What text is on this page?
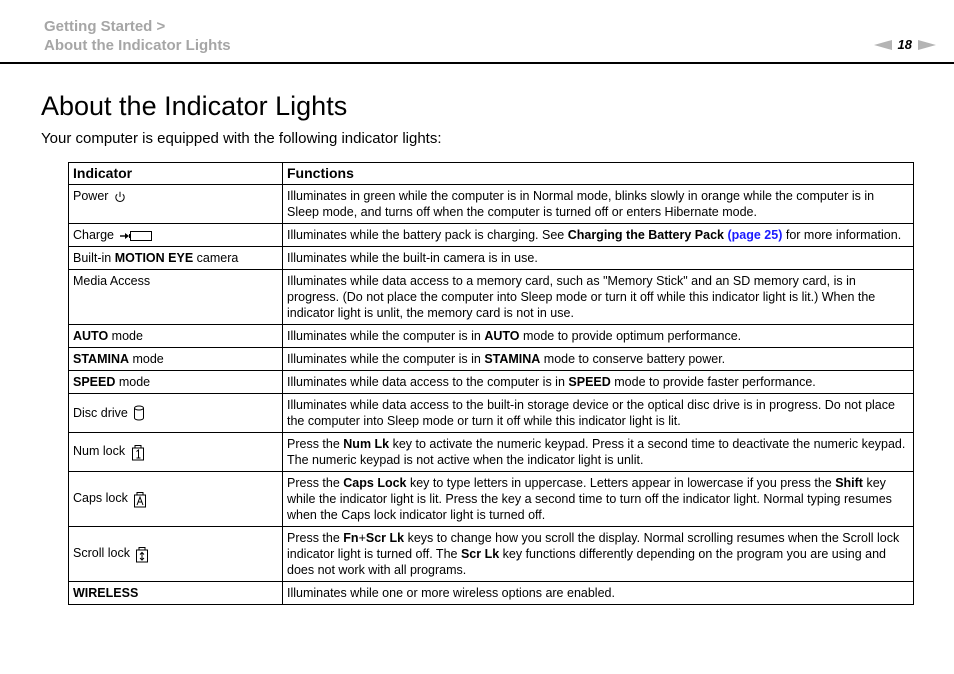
Getting Started >
About the Indicator Lights	18
About the Indicator Lights

Your computer is equipped with the following indicator lights:

Indicator	Functions
Power	Illuminates in green while the computer is in Normal mode, blinks slowly in orange while the computer is in Sleep mode, and turns off when the computer is turned off or enters Hibernate mode.
Charge	Illuminates while the battery pack is charging. See Charging the Battery Pack (page 25) for more information.
Built-in MOTION EYE camera	Illuminates while the built-in camera is in use.
Media Access	Illuminates while data access to a memory card, such as "Memory Stick" and an SD memory card, is in progress. (Do not place the computer into Sleep mode or turn it off while this indicator light is lit.) When the indicator light is unlit, the memory card is not in use.
AUTO mode	Illuminates while the computer is in AUTO mode to provide optimum performance.
STAMINA mode	Illuminates while the computer is in STAMINA mode to conserve battery power.
SPEED mode	Illuminates while data access to the computer is in SPEED mode to provide faster performance.
Disc drive	Illuminates while data access to the built-in storage device or the optical disc drive is in progress. Do not place the computer into Sleep mode or turn it off while this indicator light is lit.
Num lock	Press the Num Lk key to activate the numeric keypad. Press it a second time to deactivate the numeric keypad. The numeric keypad is not active when the indicator light is unlit.
Caps lock	Press the Caps Lock key to type letters in uppercase. Letters appear in lowercase if you press the Shift key while the indicator light is lit. Press the key a second time to turn off the indicator light. Normal typing resumes when the Caps lock indicator light is turned off.
Scroll lock	Press the Fn+Scr Lk keys to change how you scroll the display. Normal scrolling resumes when the Scroll lock indicator light is turned off. The Scr Lk key functions differently depending on the program you are using and does not work with all programs.
WIRELESS	Illuminates while one or more wireless options are enabled.
